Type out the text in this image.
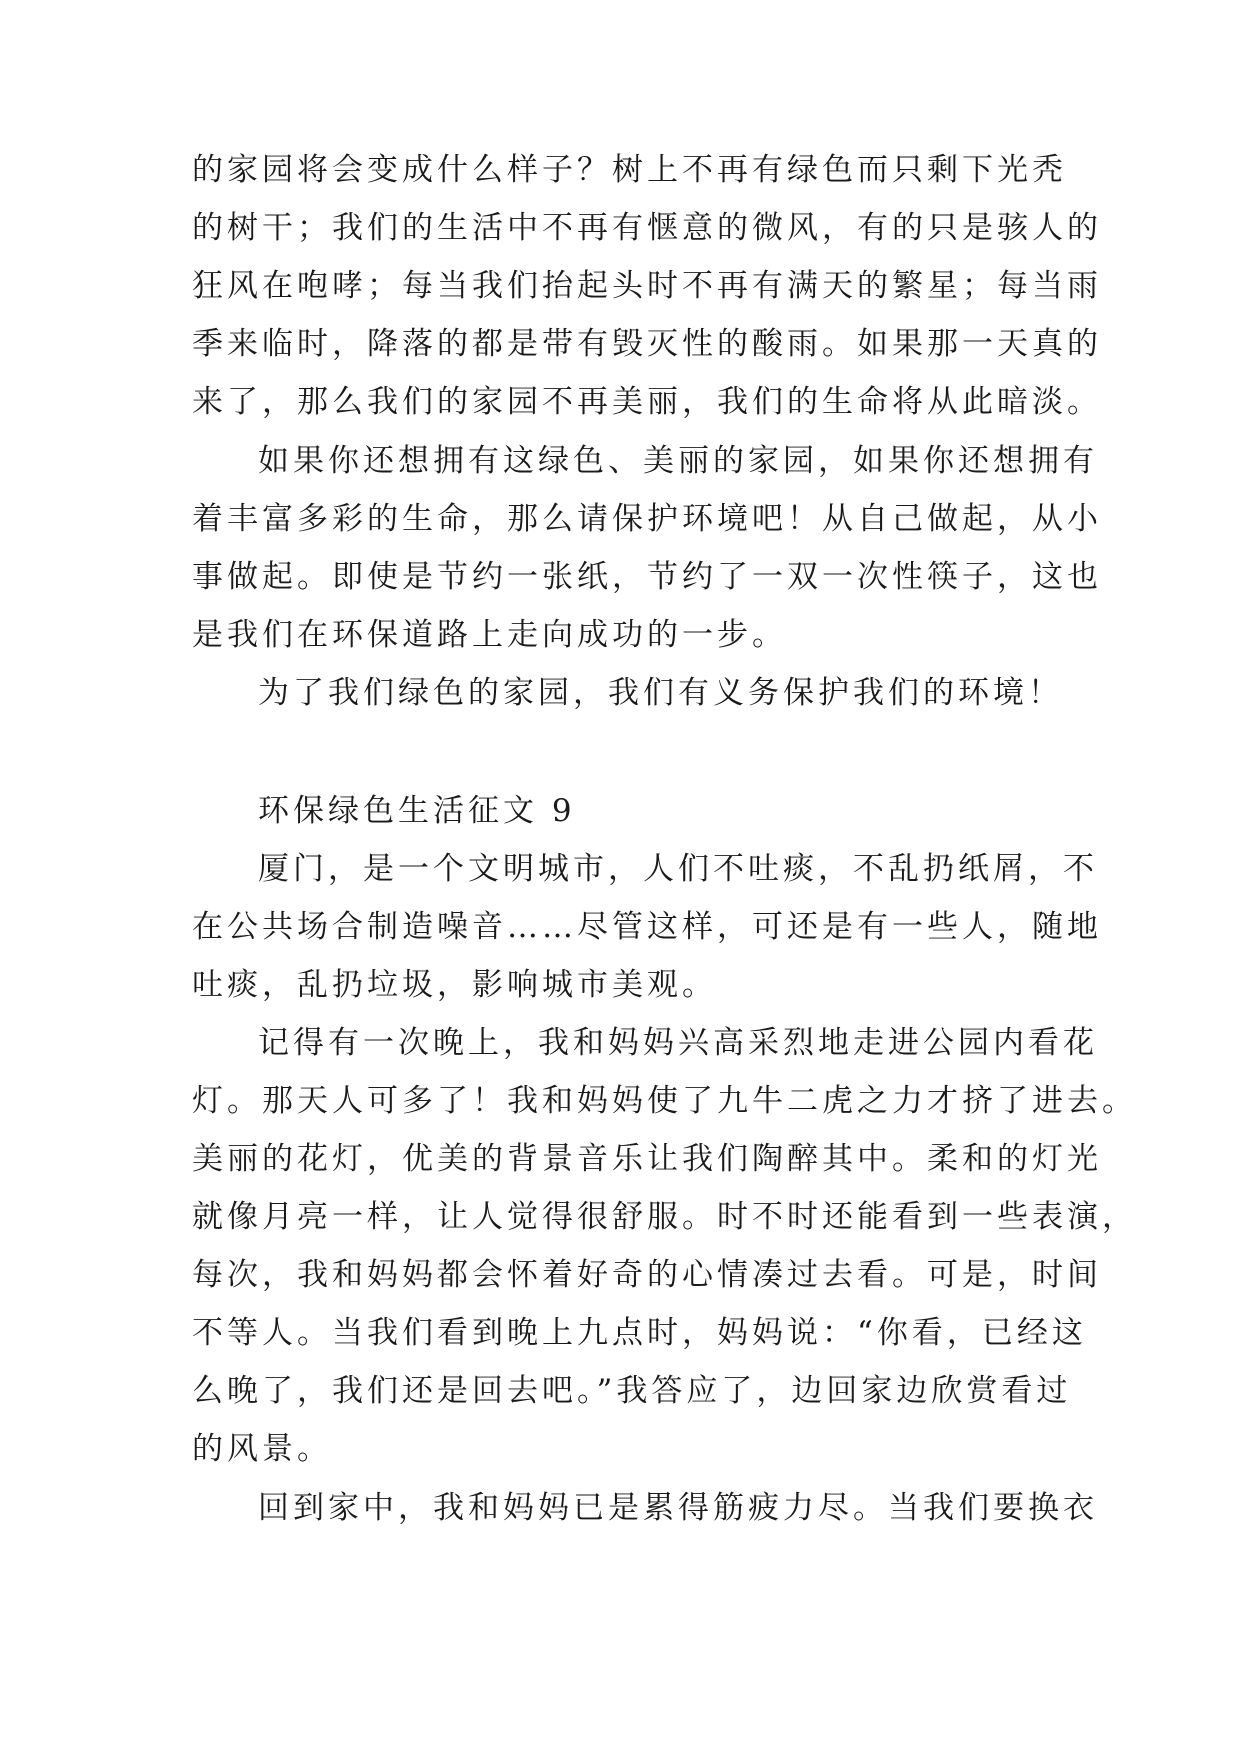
的家园将会变成什么样子？树上不再有绿色而只剩下光秃
的树干；我们的生活中不再有惬意的微风，有的只是骇人的
狂风在咆哮；每当我们抬起头时不再有满天的繁星；每当雨
季来临时，降落的都是带有毁灭性的酸雨。如果那一天真的
来了，那么我们的家园不再美丽，我们的生命将从此暗淡。
如果你还想拥有这绿色、美丽的家园，如果你还想拥有
着丰富多彩的生命，那么请保护环境吧！从自己做起，从小
事做起。即使是节约一张纸，节约了一双一次性筷子，这也
是我们在环保道路上走向成功的一步。
为了我们绿色的家园，我们有义务保护我们的环境！
环保绿色生活征文 9
厦门，是一个文明城市，人们不吐痰，不乱扔纸屑，不
在公共场合制造噪音……尽管这样，可还是有一些人，随地
吐痰，乱扔垃圾，影响城市美观。
记得有一次晚上，我和妈妈兴高采烈地走进公园内看花
灯。那天人可多了！我和妈妈使了九牛二虎之力才挤了进去。
美丽的花灯，优美的背景音乐让我们陶醉其中。柔和的灯光
就像月亮一样，让人觉得很舒服。时不时还能看到一些表演，
每次，我和妈妈都会怀着好奇的心情凑过去看。可是，时间
不等人。当我们看到晚上九点时，妈妈说：“你看，已经这
么晚了，我们还是回去吧。”我答应了，边回家边欣赏看过
的风景。
回到家中，我和妈妈已是累得筋疲力尽。当我们要换衣
